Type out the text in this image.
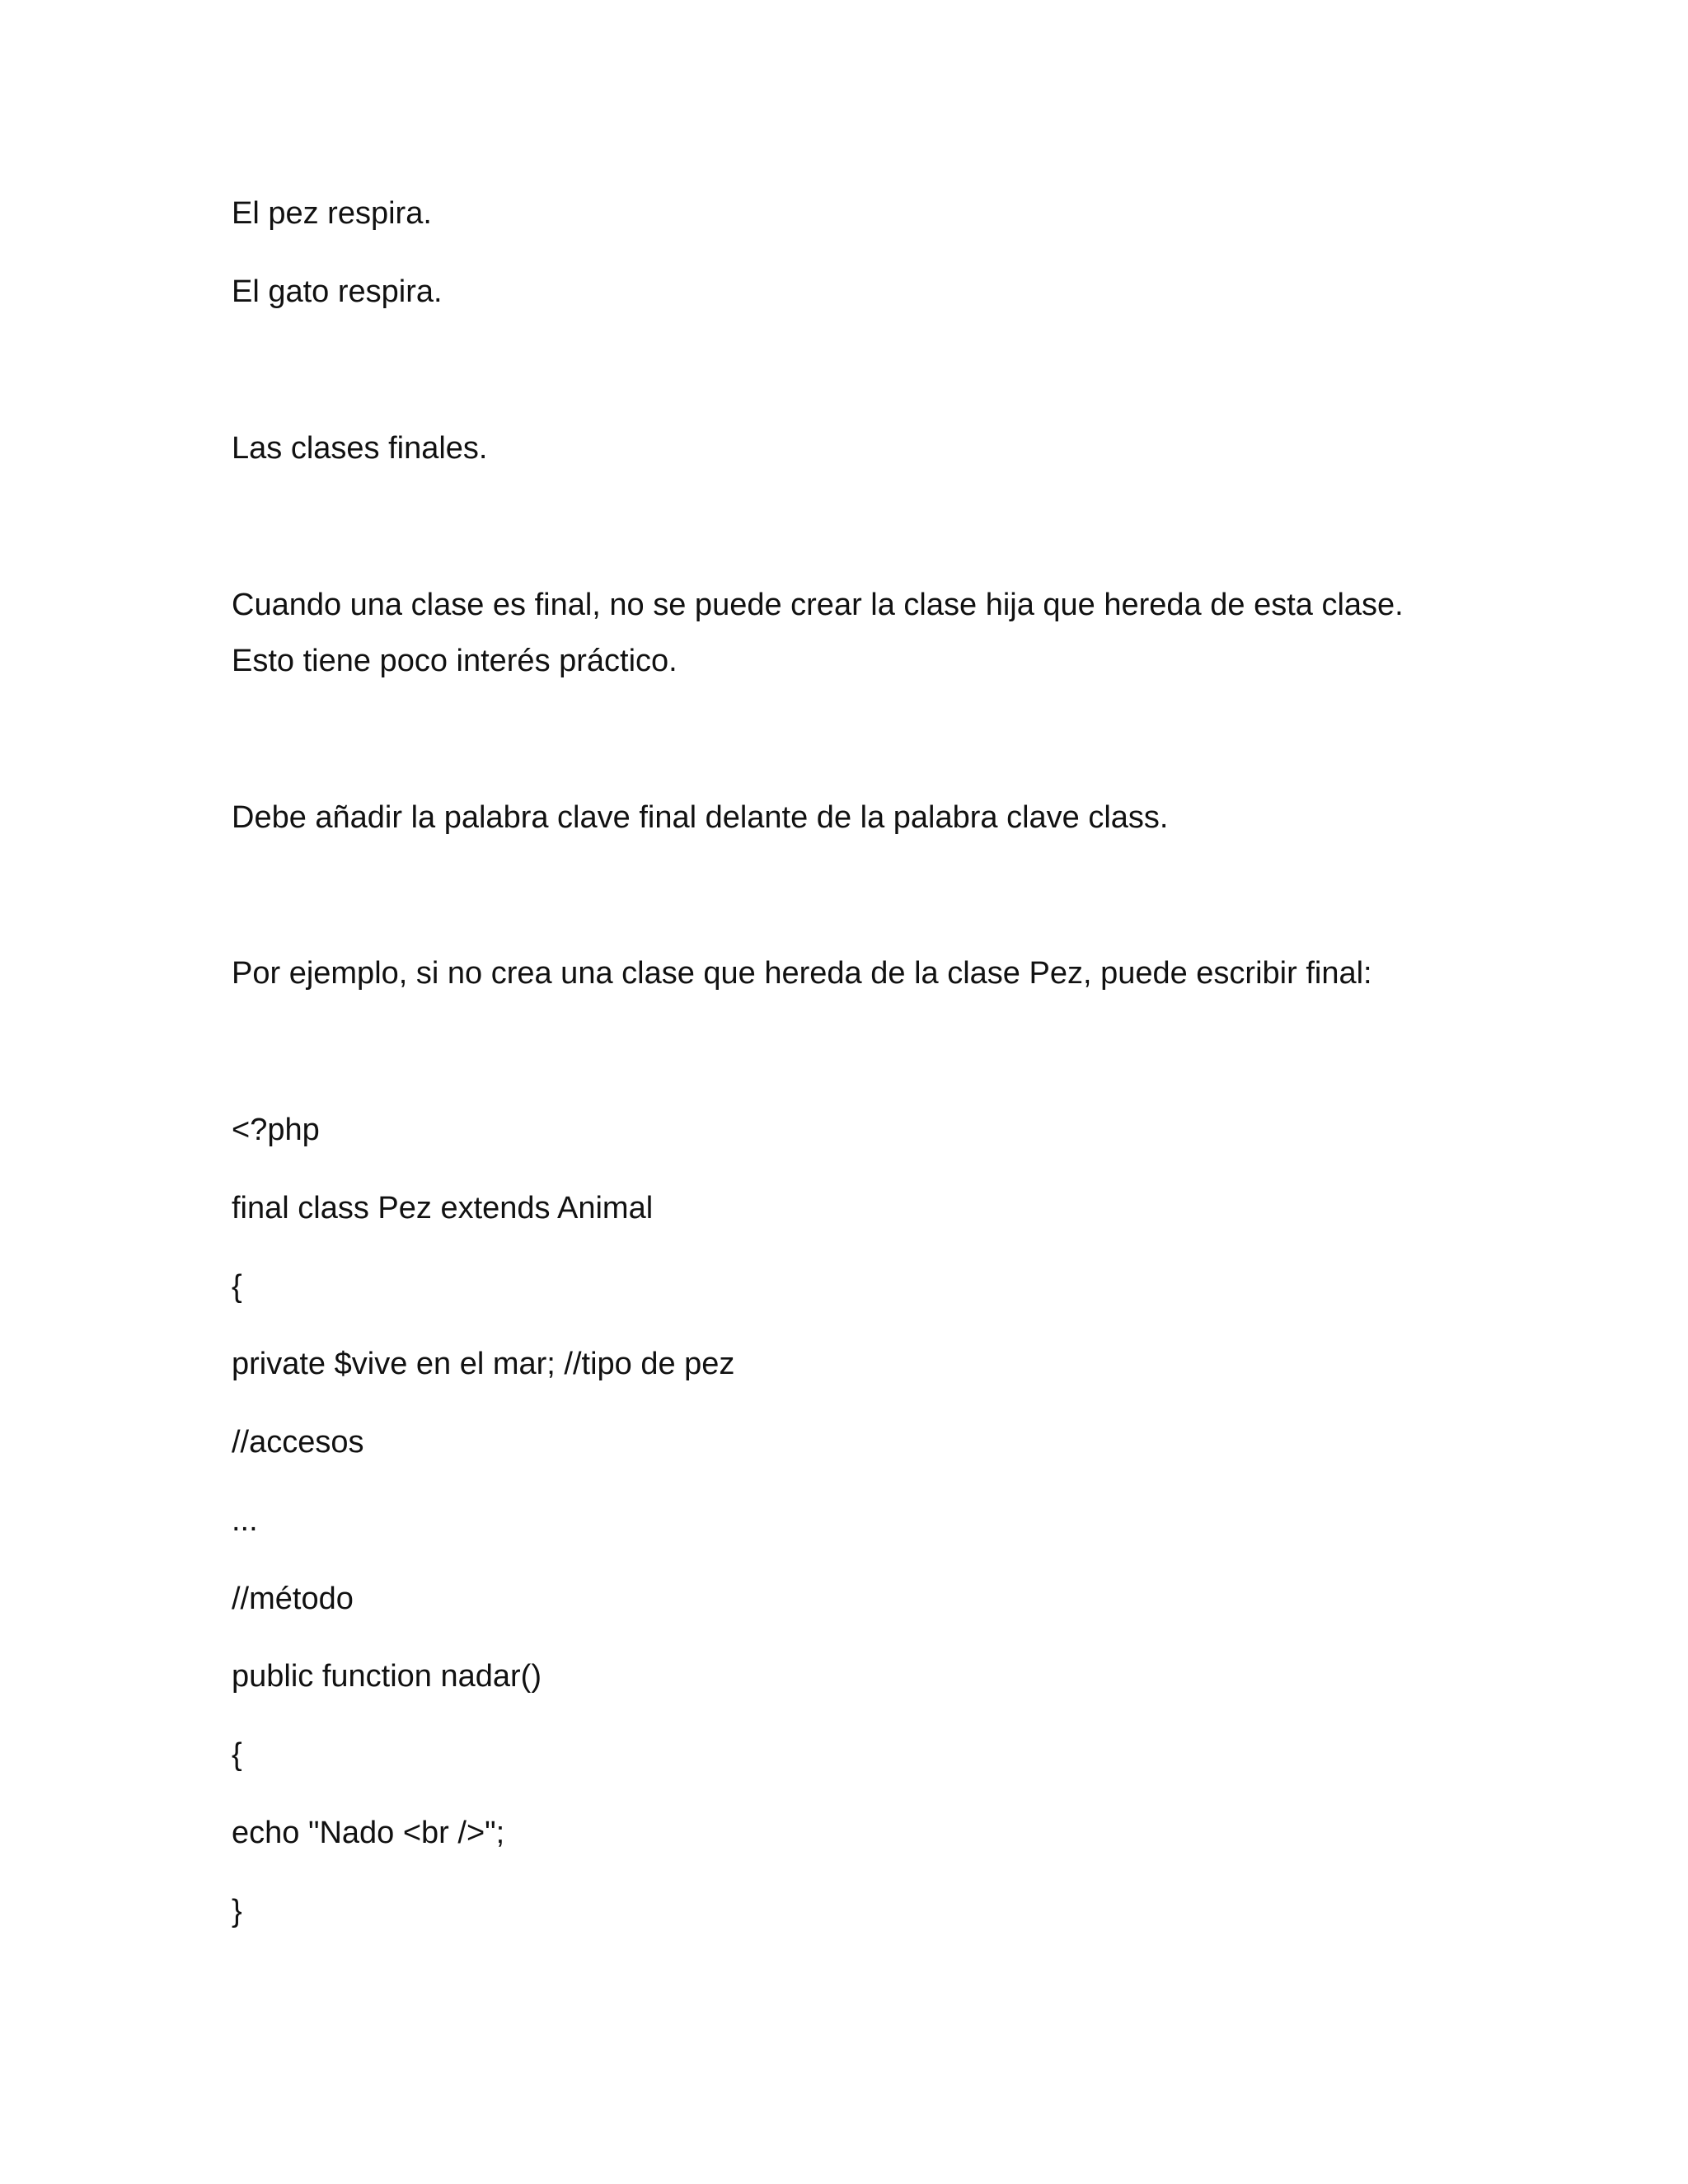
El pez respira.

El gato respira.

Las clases finales.

Cuando una clase es final, no se puede crear la clase hija que hereda de esta clase.

Esto tiene poco interés práctico.

Debe añadir la palabra clave final delante de la palabra clave class.

Por ejemplo, si no crea una clase que hereda de la clase Pez, puede escribir final:

<?php

final class Pez extends Animal

{

private $vive en el mar; //tipo de pez

//accesos

...

//método

public function nadar()

{

echo "Nado <br />";

}
